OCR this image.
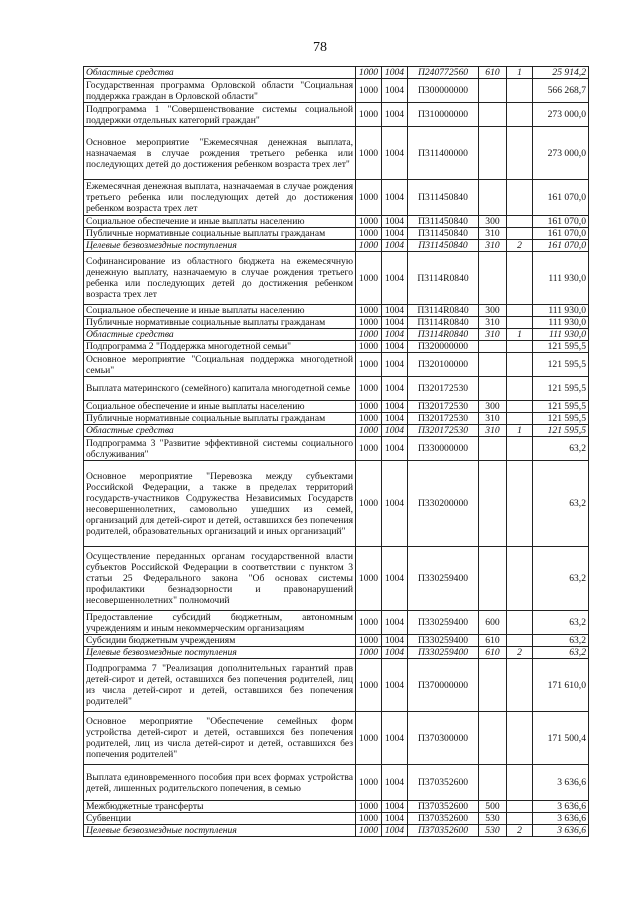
78
Областные средства	1000	1004	П240772560	610	1	25 914,2
Государственная программа Орловской области "Социальная поддержка граждан в Орловской области"	1000	1004	П300000000			566 268,7
Подпрограмма 1 "Совершенствование системы социальной поддержки отдельных категорий граждан"	1000	1004	П310000000			273 000,0
Основное мероприятие "Ежемесячная денежная выплата, назначаемая в случае рождения третьего ребенка или последующих детей до достижения ребенком возраста трех лет"	1000	1004	П311400000			273 000,0
Ежемесячная денежная выплата, назначаемая в случае рождения третьего ребенка или последующих детей до достижения ребенком возраста трех лет	1000	1004	П311450840			161 070,0
Социальное обеспечение и иные выплаты населению	1000	1004	П311450840	300		161 070,0
Публичные нормативные социальные выплаты гражданам	1000	1004	П311450840	310		161 070,0
Целевые безвозмездные поступления	1000	1004	П311450840	310	2	161 070,0
Софинансирование из областного бюджета на ежемесячную денежную выплату, назначаемую в случае рождения третьего ребенка или последующих детей до достижения ребенком возраста трех лет	1000	1004	П3114R0840			111 930,0
Социальное обеспечение и иные выплаты населению	1000	1004	П3114R0840	300		111 930,0
Публичные нормативные социальные выплаты гражданам	1000	1004	П3114R0840	310		111 930,0
Областные средства	1000	1004	П3114R0840	310	1	111 930,0
Подпрограмма 2 "Поддержка многодетной семьи"	1000	1004	П320000000			121 595,5
Основное мероприятие "Социальная поддержка многодетной семьи"	1000	1004	П320100000			121 595,5
Выплата материнского (семейного) капитала многодетной семье	1000	1004	П320172530			121 595,5
Социальное обеспечение и иные выплаты населению	1000	1004	П320172530	300		121 595,5
Публичные нормативные социальные выплаты гражданам	1000	1004	П320172530	310		121 595,5
Областные средства	1000	1004	П320172530	310	1	121 595,5
Подпрограмма 3 "Развитие эффективной системы социального обслуживания"	1000	1004	П330000000			63,2
Основное мероприятие "Перевозка между субъектами Российской Федерации, а также в пределах территорий государств-участников Содружества Независимых Государств несовершеннолетних, самовольно ушедших из семей, организаций для детей-сирот и детей, оставшихся без попечения родителей, образовательных организаций и иных организаций"	1000	1004	П330200000			63,2
Осуществление переданных органам государственной власти субъектов Российской Федерации в соответствии с пунктом 3 статьи 25 Федерального закона "Об основах системы профилактики безнадзорности и правонарушений несовершеннолетних" полномочий	1000	1004	П330259400			63,2
Предоставление субсидий бюджетным, автономным учреждениям и иным некоммерческим организациям	1000	1004	П330259400	600		63,2
Субсидии бюджетным учреждениям	1000	1004	П330259400	610		63,2
Целевые безвозмездные поступления	1000	1004	П330259400	610	2	63,2
Подпрограмма 7 "Реализация дополнительных гарантий прав детей-сирот и детей, оставшихся без попечения родителей, лиц из числа детей-сирот и детей, оставшихся без попечения родителей"	1000	1004	П370000000			171 610,0
Основное мероприятие "Обеспечение семейных форм устройства детей-сирот и детей, оставшихся без попечения родителей, лиц из числа детей-сирот и детей, оставшихся без попечения родителей"	1000	1004	П370300000			171 500,4
Выплата единовременного пособия при всех формах устройства детей, лишенных родительского попечения, в семью	1000	1004	П370352600			3 636,6
Межбюджетные трансферты	1000	1004	П370352600	500		3 636,6
Субвенции	1000	1004	П370352600	530		3 636,6
Целевые безвозмездные поступления	1000	1004	П370352600	530	2	3 636,6
